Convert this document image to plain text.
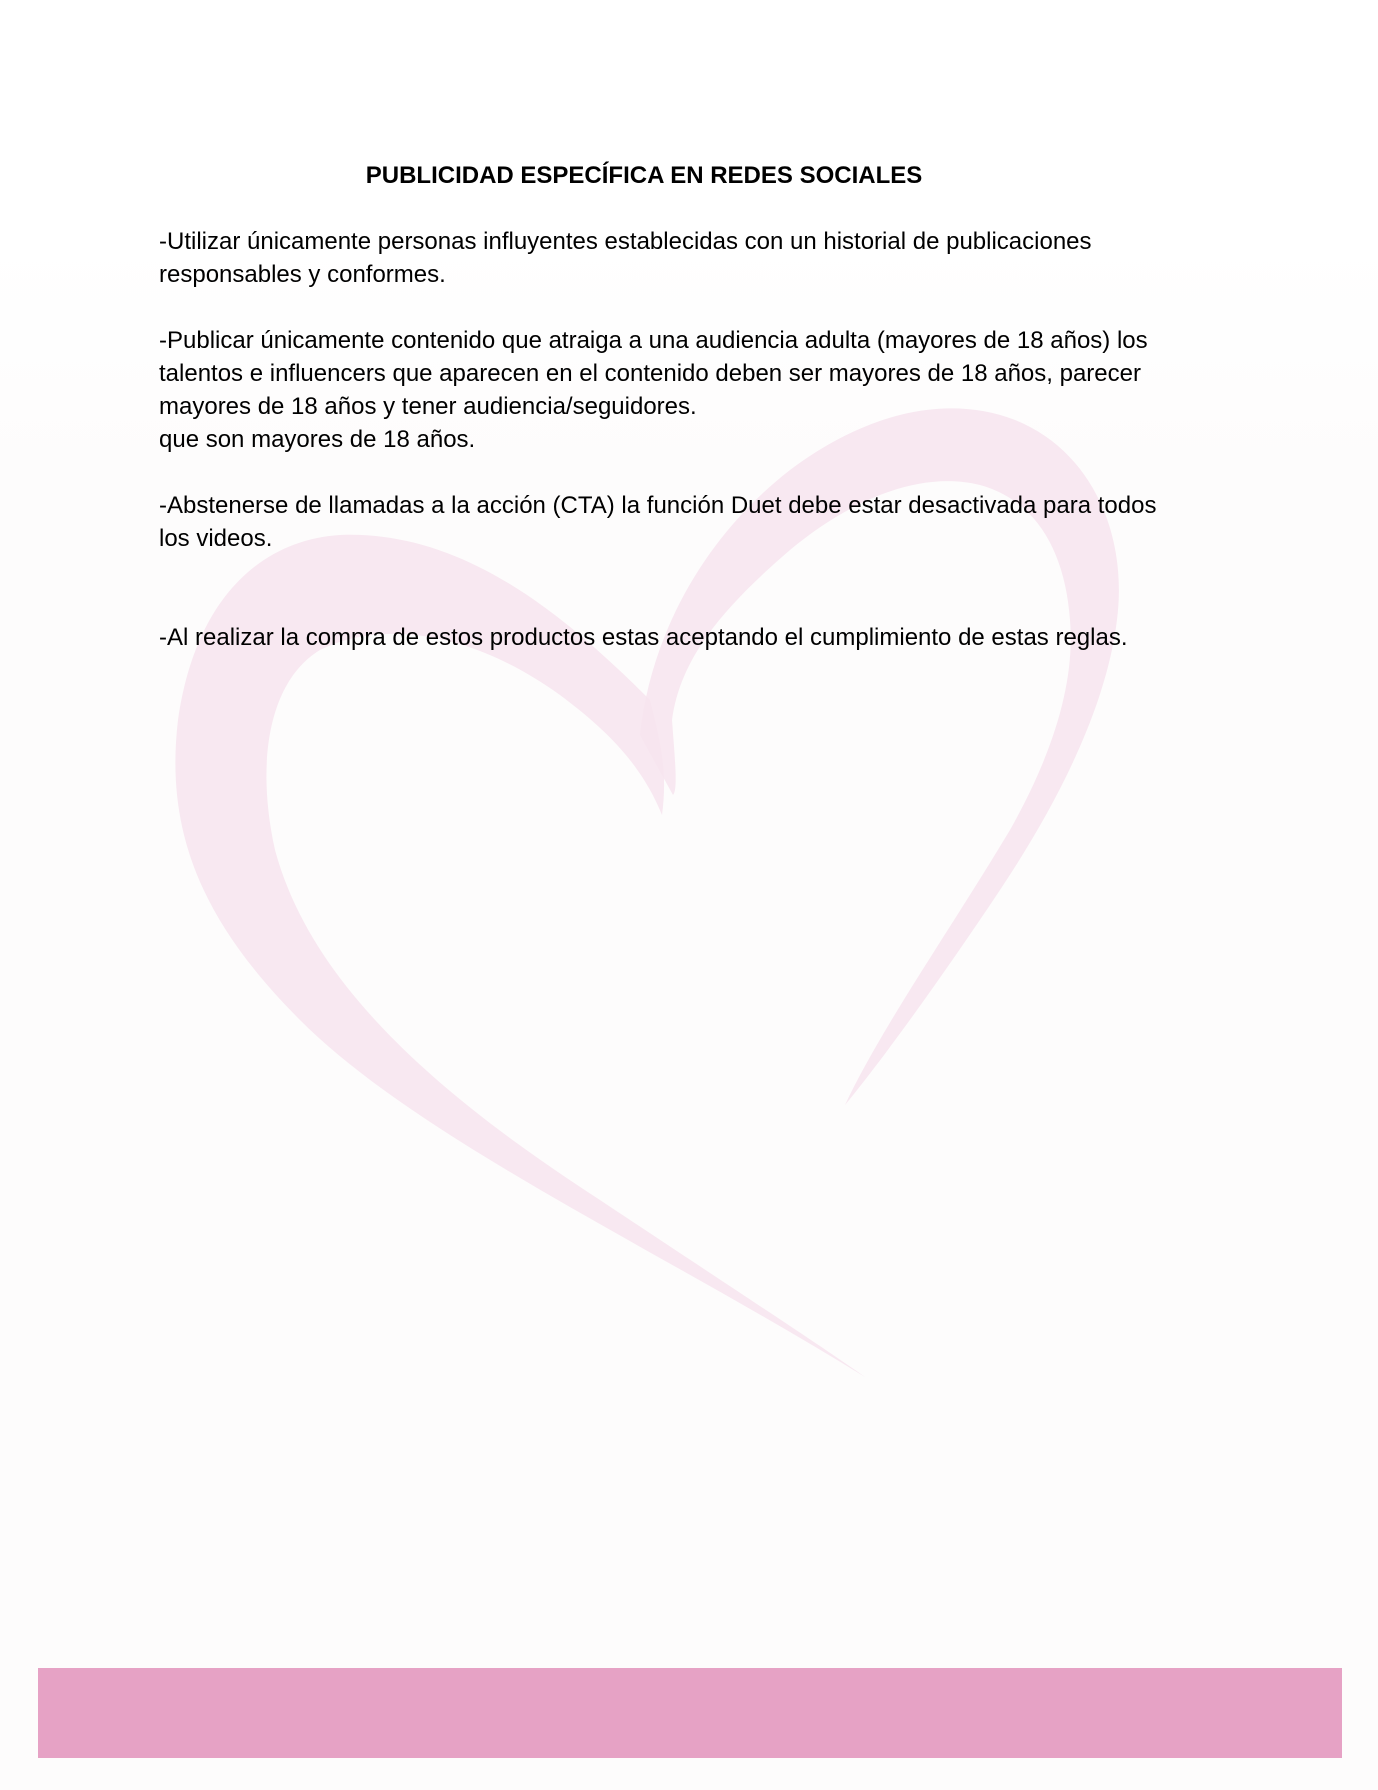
PUBLICIDAD ESPECÍFICA EN REDES SOCIALES

-Utilizar únicamente personas influyentes establecidas con un historial de publicaciones
responsables y conformes.

-Publicar únicamente contenido que atraiga a una audiencia adulta (mayores de 18 años) los
talentos e influencers que aparecen en el contenido deben ser mayores de 18 años, parecer
mayores de 18 años y tener audiencia/seguidores.
que son mayores de 18 años.

-Abstenerse de llamadas a la acción (CTA) la función Duet debe estar desactivada para todos
los videos.

-Al realizar la compra de estos productos estas aceptando el cumplimiento de estas reglas.
